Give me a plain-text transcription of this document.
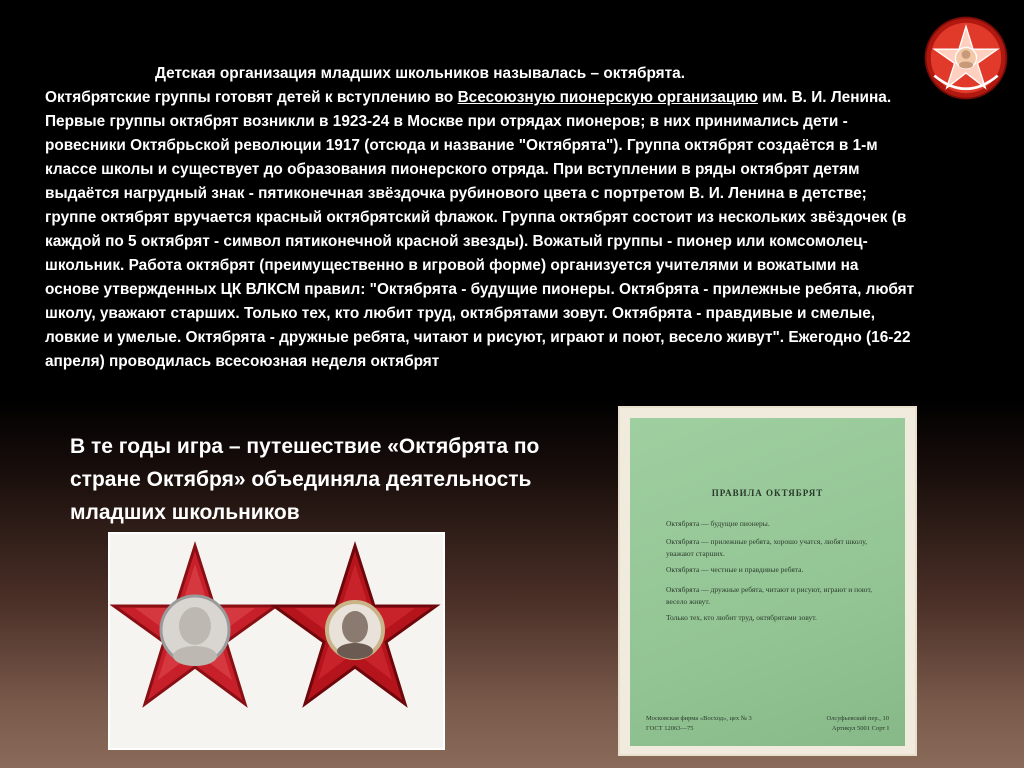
Детская организация младших школьников называлась – октябрята.
Октябрятские группы готовят детей к вступлению во Всесоюзную пионерскую организацию им. В. И. Ленина. Первые группы октябрят возникли в 1923-24 в Москве при отрядах пионеров; в них принимались дети - ровесники Октябрьской революции 1917 (отсюда и название "Октябрята"). Группа октябрят создаётся в 1-м классе школы и существует до образования пионерского отряда. При вступлении в ряды октябрят детям выдаётся нагрудный знак - пятиконечная звёздочка рубинового цвета с портретом В. И. Ленина в детстве; группе октябрят вручается красный октябрятский флажок. Группа октябрят состоит из нескольких звёздочек (в каждой по 5 октябрят - символ пятиконечной красной звезды). Вожатый группы - пионер или комсомолец-школьник. Работа октябрят (преимущественно в игровой форме) организуется учителями и вожатыми на основе утвержденных ЦК ВЛКСМ правил: "Октябрята - будущие пионеры. Октябрята - прилежные ребята, любят школу, уважают старших. Только тех, кто любит труд, октябрятами зовут. Октябрята - правдивые и смелые, ловкие и умелые. Октябрята - дружные ребята, читают и рисуют, играют и поют, весело живут". Ежегодно (16-22 апреля) проводилась всесоюзная неделя октябрят
В те годы игра – путешествие «Октябрята по стране Октября» объединяла деятельность младших школьников
ПРАВИЛА ОКТЯБРЯТ
Октябрята — будущие пионеры.
Октябрята — прилежные ребята, хорошо учатся, любят школу, уважают старших.
Октябрята — честные и правдивые ребята.
Октябрята — дружные ребята, читают и рисуют, играют и поют, весело живут.
Только тех, кто любит труд, октябрятами зовут.
Московская фирма «Восход», цех № 3
ГОСТ 12063—75
Олсуфьевский пер., 10
Артикул 5001 Сорт I
